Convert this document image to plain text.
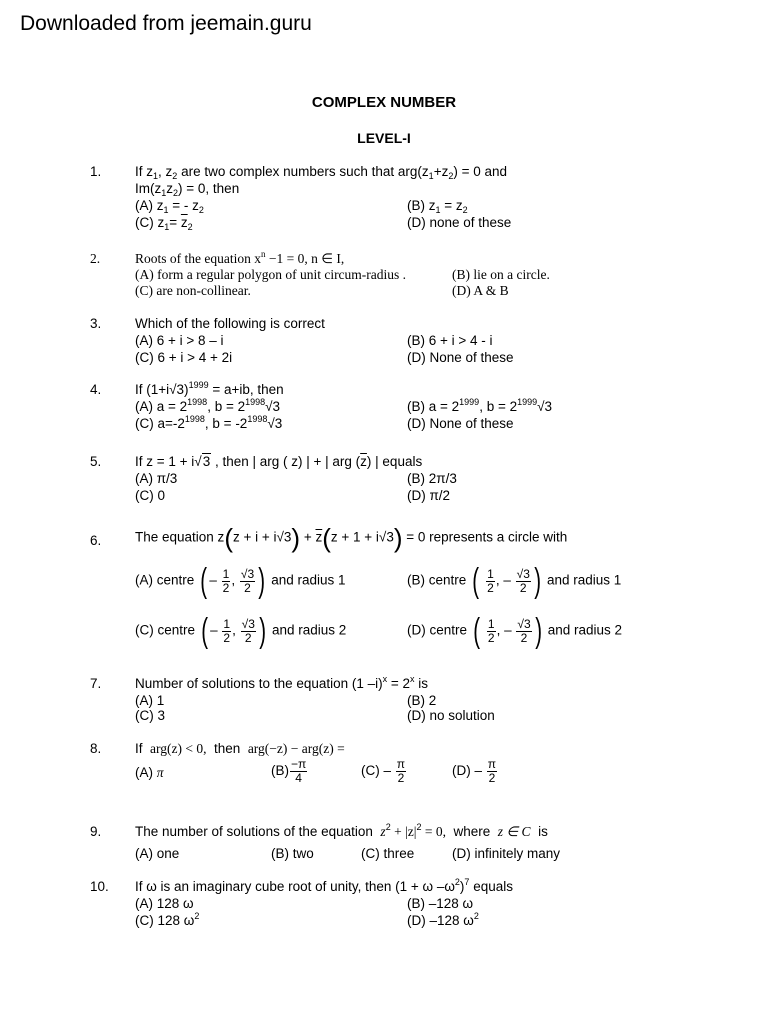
Downloaded from jeemain.guru
COMPLEX NUMBER
LEVEL-I
1.	If $z_1$, $z_2$ are two complex numbers such that $arg(z_1+z_2) = 0$ and
$Im(z_1z_2) = 0$, then
(A) $z_1$ = - $z_2$	(B) $z_1 = z_2$
(C) $z_1= \overline{z}_2$	(D) none of these
2.	Roots of the equation $x^n -1 = 0$, n ∈ I,
(A) form a regular polygon of unit circum-radius .	(B) lie on a circle.
(C) are non-collinear.	(D) A & B
3.	Which of the following is correct
(A) 6 + i > 8 – i	(B) 6 + i > 4 - i
(C) 6 + i > 4 + 2i	(D) None of these
4.	If $(1+i√3)^{1999} = a+ib$, then
(A) $a = 2^{1998}$, $b = 2^{1998}√3$	(B) $a = 2^{1999}$, $b = 2^{1999}√3$
(C) $a=-2^{1998}$, $b = -2^{1998}√3$	(D) None of these
5.	If z = 1 + i√3 , then | arg ( z) | + | arg $(\overline{z})$ | equals
(A) π/3	(B) 2π/3
(C) 0	(D) π/2
6.	The equation $z(z + i + i√3) + \overline{z}(z + 1 + i√3) = 0$ represents a circle with
(A) centre ( – $\frac{1}{2}$ , $\frac{√3}{2}$ ) and radius 1	(B) centre ( $\frac{1}{2}$ , – $\frac{√3}{2}$ ) and radius 1
(C) centre ( – $\frac{1}{2}$ , $\frac{√3}{2}$ ) and radius 2	(D) centre ( $\frac{1}{2}$ , – $\frac{√3}{2}$ ) and radius 2
7.	Number of solutions to the equation (1 $-i)^x = 2^x$ is
(A) 1	(B) 2
(C) 3	(D) no solution
8.	If arg(z) < 0, then arg(−z) − arg(z) =
(A) π	$(B) \frac{-\pi}{4}$	$(C) - \frac{\pi}{2}$	$(D) - \frac{\pi}{2}$
9.	The number of solutions of the equation $z^2 + |z|^2 = 0$, where z ∈ C is
(A) one	(B) two	(C) three	(D) infinitely many
10.	If ω is an imaginary cube root of unity, then (1 + ω $-\omega^2)^7$ equals
(A) 128 ω	(B) –128 ω
(C) 128 $\omega^2$	(D) –128 $\omega^2$
